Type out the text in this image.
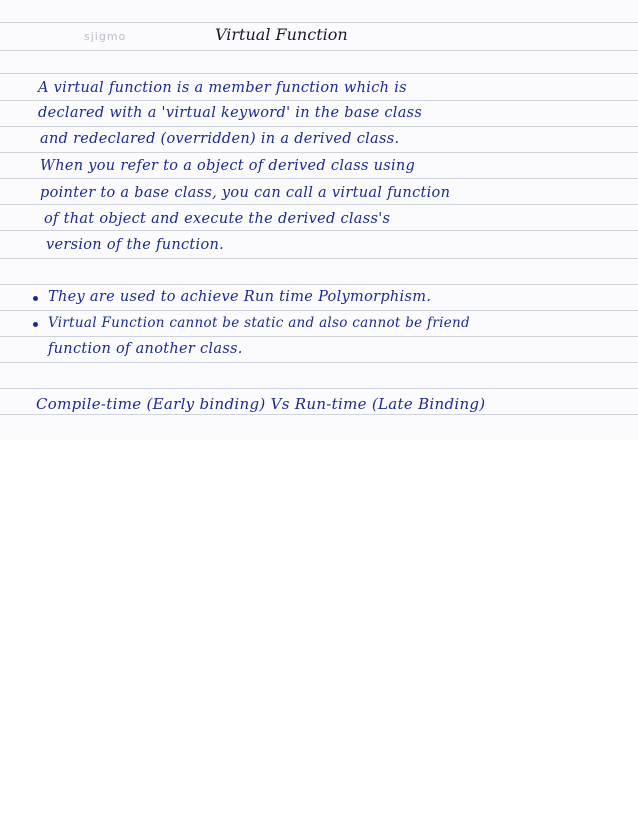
sjigmo	Virtual Function
A virtual function is a member function which is
declared with a 'virtual keyword' in the base class
and redeclared (overridden) in a derived class.
When you refer to a object of derived class using
pointer to a base class, you can call a virtual function
of that object and execute the derived class's
version of the function.
They are used to achieve Run time Polymorphism.
Virtual Function cannot be static and also cannot be friend
function of another class.
Compile-time (Early binding) Vs Run-time (Late Binding)
